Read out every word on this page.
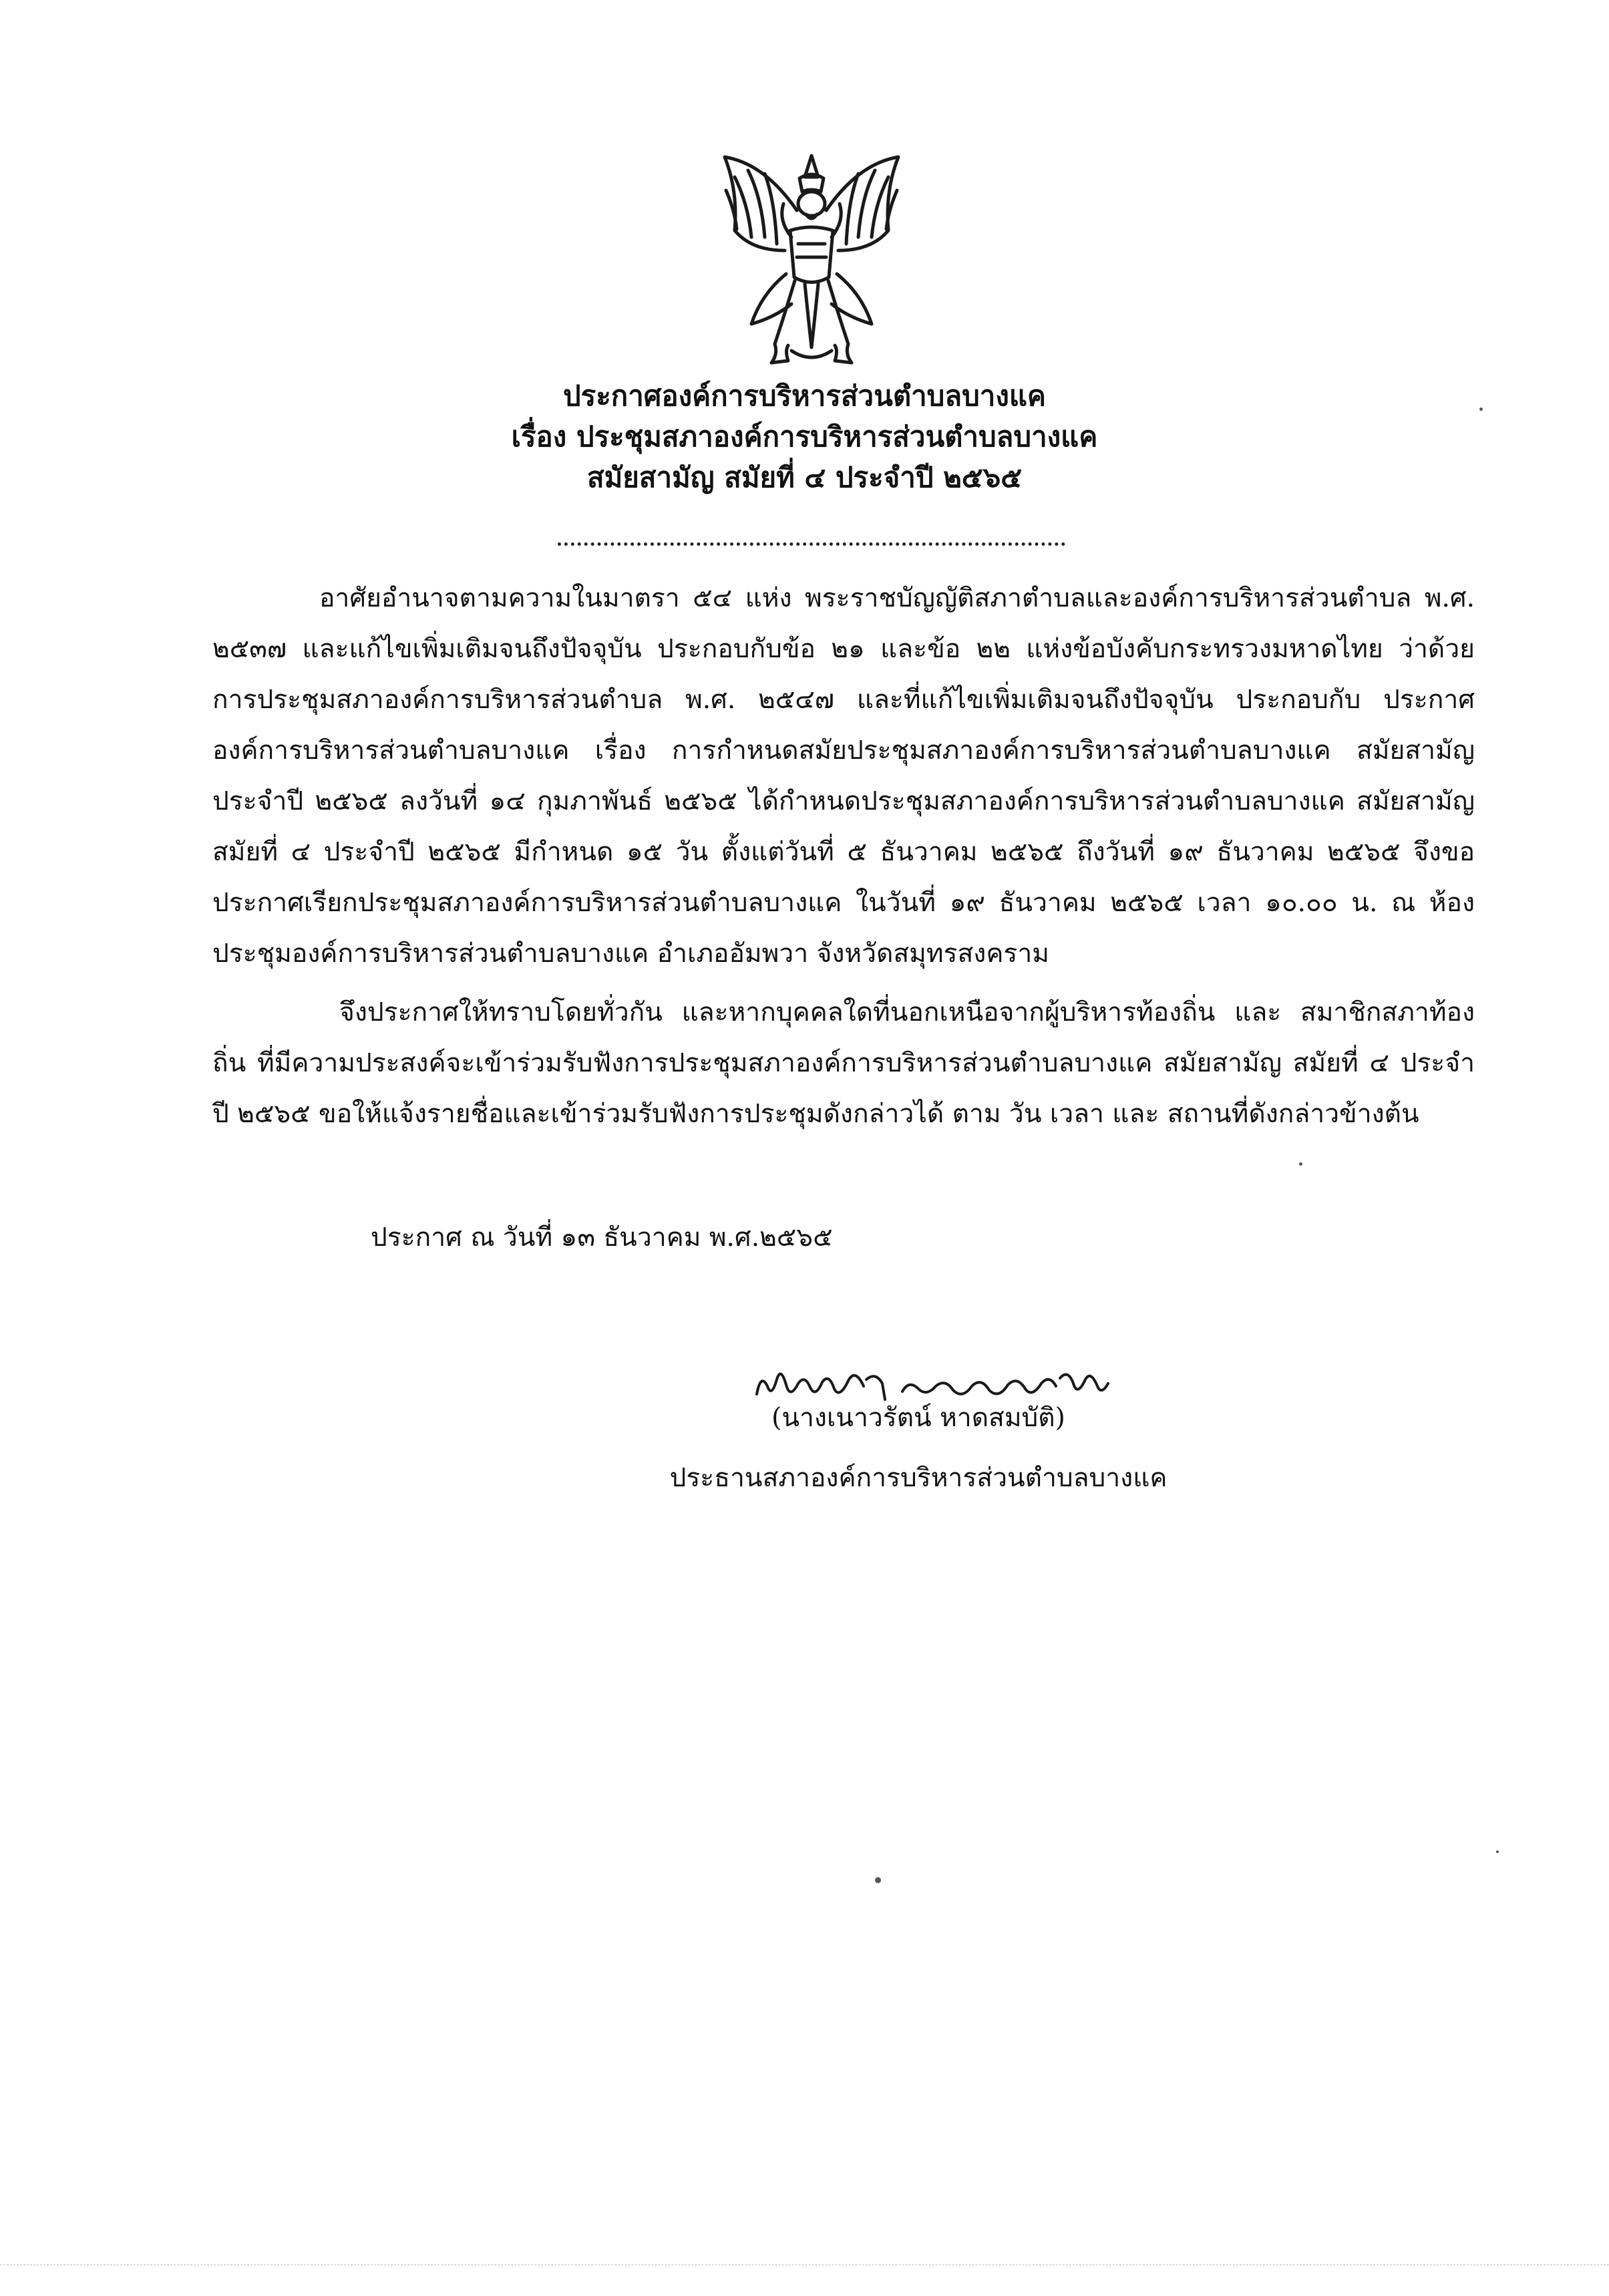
ประกาศองค์การบริหารส่วนตำบลบางแค
เรื่อง ประชุมสภาองค์การบริหารส่วนตำบลบางแค
สมัยสามัญ สมัยที่ ๔ ประจำปี ๒๕๖๕

อาศัยอำนาจตามความในมาตรา ๕๔ แห่ง พระราชบัญญัติสภาตำบลและองค์การบริหารส่วนตำบล พ.ศ. ๒๕๓๗ และแก้ไขเพิ่มเติมจนถึงปัจจุบัน ประกอบกับข้อ ๒๑ และข้อ ๒๒ แห่งข้อบังคับกระทรวงมหาดไทย ว่าด้วย การประชุมสภาองค์การบริหารส่วนตำบล พ.ศ. ๒๕๔๗ และที่แก้ไขเพิ่มเติมจนถึงปัจจุบัน ประกอบกับ ประกาศองค์การบริหารส่วนตำบลบางแค เรื่อง การกำหนดสมัยประชุมสภาองค์การบริหารส่วนตำบลบางแค สมัยสามัญ ประจำปี ๒๕๖๕ ลงวันที่ ๑๔ กุมภาพันธ์ ๒๕๖๕ ได้กำหนดประชุมสภาองค์การบริหารส่วนตำบลบางแค สมัยสามัญ สมัยที่ ๔ ประจำปี ๒๕๖๕ มีกำหนด ๑๕ วัน ตั้งแต่วันที่ ๕ ธันวาคม ๒๕๖๕ ถึงวันที่ ๑๙ ธันวาคม ๒๕๖๕ จึงขอประกาศเรียกประชุมสภาองค์การบริหารส่วนตำบลบางแค ในวันที่ ๑๙ ธันวาคม ๒๕๖๕ เวลา ๑๐.๐๐ น. ณ ห้อง ประชุมองค์การบริหารส่วนตำบลบางแค อำเภออัมพวา จังหวัดสมุทรสงคราม

จึงประกาศให้ทราบโดยทั่วกัน และหากบุคคลใดที่นอกเหนือจากผู้บริหารท้องถิ่น และ สมาชิกสภาท้องถิ่น ที่มีความประสงค์จะเข้าร่วมรับฟังการประชุมสภาองค์การบริหารส่วนตำบลบางแค สมัยสามัญ สมัยที่ ๔ ประจำปี ๒๕๖๕ ขอให้แจ้งรายชื่อและเข้าร่วมรับฟังการประชุมดังกล่าวได้ ตาม วัน เวลา และ สถานที่ดังกล่าวข้างต้น

ประกาศ ณ วันที่ ๑๓ ธันวาคม พ.ศ.๒๕๖๕
(นางเนาวรัตน์ หาดสมบัติ)
ประธานสภาองค์การบริหารส่วนตำบลบางแค
